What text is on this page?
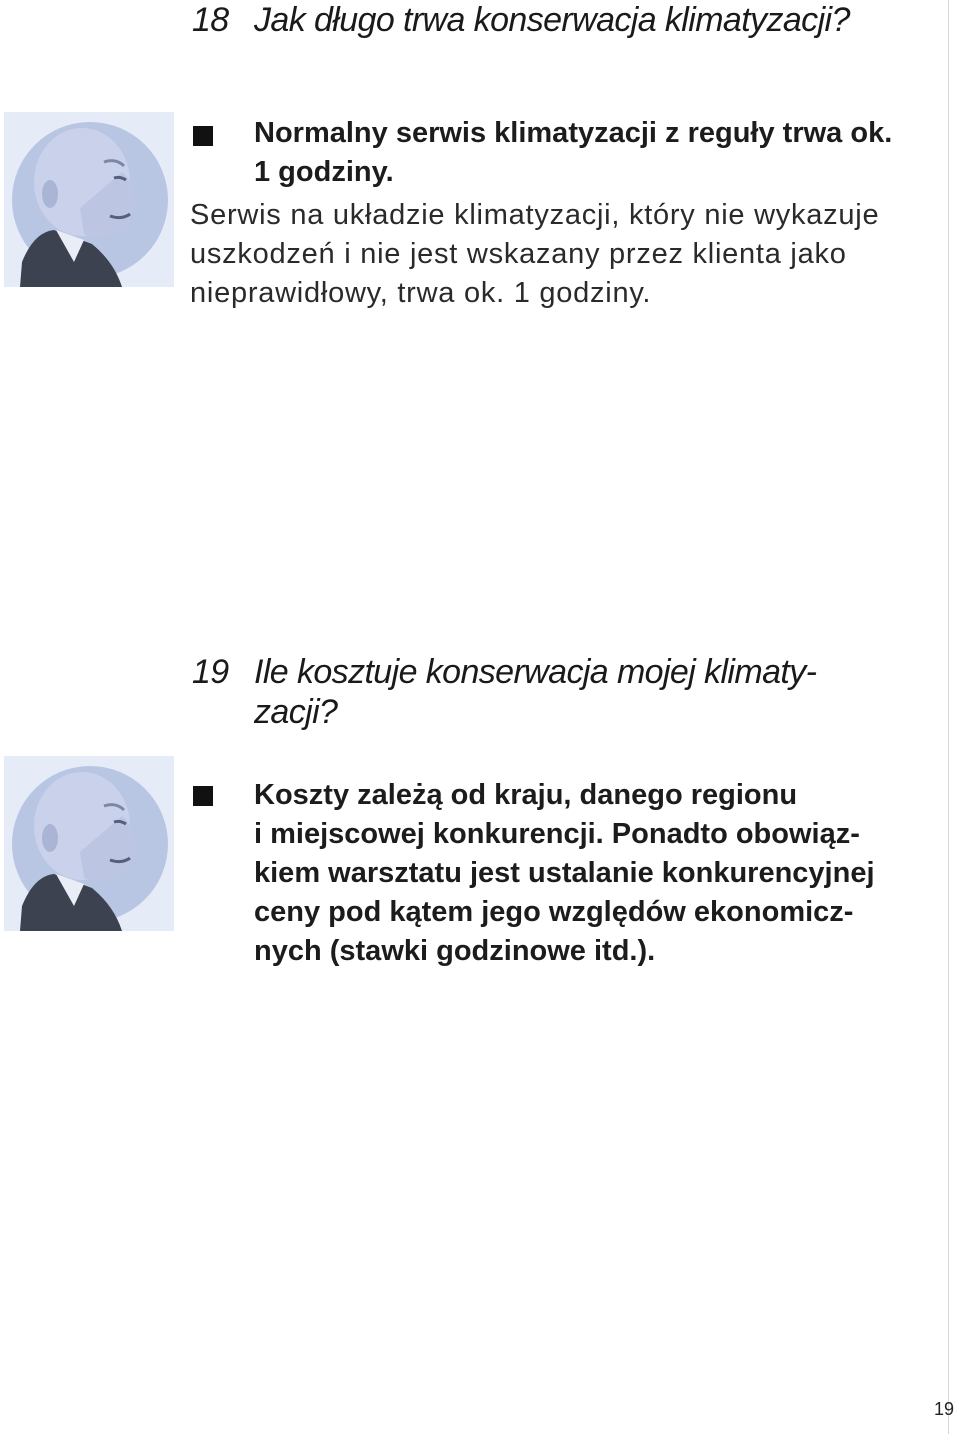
18 Jak długo trwa konserwacja klimatyzacji?

Normalny serwis klimatyzacji z reguły trwa ok.
1 godziny.

Serwis na układzie klimatyzacji, który nie wykazuje
uszkodzeń i nie jest wskazany przez klienta jako
nieprawidłowy, trwa ok. 1 godziny.

19 Ile kosztuje konserwacja mojej klimaty-
zacji?

Koszty zależą od kraju, danego regionu
i miejscowej konkurencji. Ponadto obowiąz-
kiem warsztatu jest ustalanie konkurencyjnej
ceny pod kątem jego względów ekonomicz-
nych (stawki godzinowe itd.).

19
